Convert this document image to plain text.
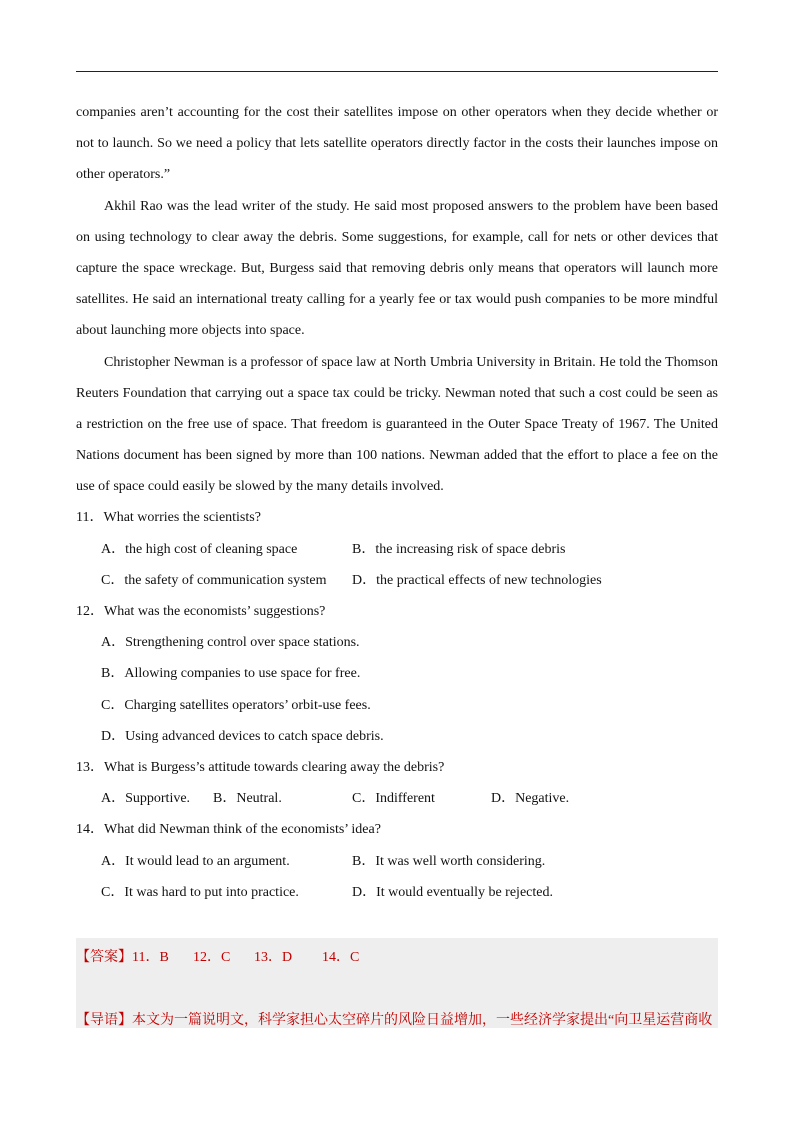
companies aren’t accounting for the cost their satellites impose on other operators when they decide whether or
not to launch. So we need a policy that lets satellite operators directly factor in the costs their launches impose on
other operators.”
Akhil Rao was the lead writer of the study. He said most proposed answers to the problem have been based
on using technology to clear away the debris. Some suggestions, for example, call for nets or other devices that
capture the space wreckage. But, Burgess said that removing debris only means that operators will launch more
satellites. He said an international treaty calling for a yearly fee or tax would push companies to be more mindful
about launching more objects into space.
Christopher Newman is a professor of space law at North Umbria University in Britain. He told the Thomson
Reuters Foundation that carrying out a space tax could be tricky. Newman noted that such a cost could be seen as
a restriction on the free use of space. That freedom is guaranteed in the Outer Space Treaty of 1967. The United
Nations document has been signed by more than 100 nations. Newman added that the effort to place a fee on the
use of space could easily be slowed by the many details involved.
11．What worries the scientists?
A．the high cost of cleaning space	B．the increasing risk of space debris
C．the safety of communication system D．the practical effects of new technologies
12．What was the economists’ suggestions?
A．Strengthening control over space stations.
B．Allowing companies to use space for free.
C．Charging satellites operators’ orbit-use fees.
D．Using advanced devices to catch space debris.
13．What is Burgess’s attitude towards clearing away the debris?
A．Supportive. B．Neutral.	C．Indifferent	D．Negative.
14．What did Newman think of the economists’ idea?
A．It would lead to an argument.	B．It was well worth considering.
C．It was hard to put into practice.	D．It would eventually be rejected.
【答案】11．B 12．C 13．D 14．C
【导语】本文为一篇说明文，科学家担心太空碎片的风险日益增加，一些经济学家提出“向卫星运营商收
